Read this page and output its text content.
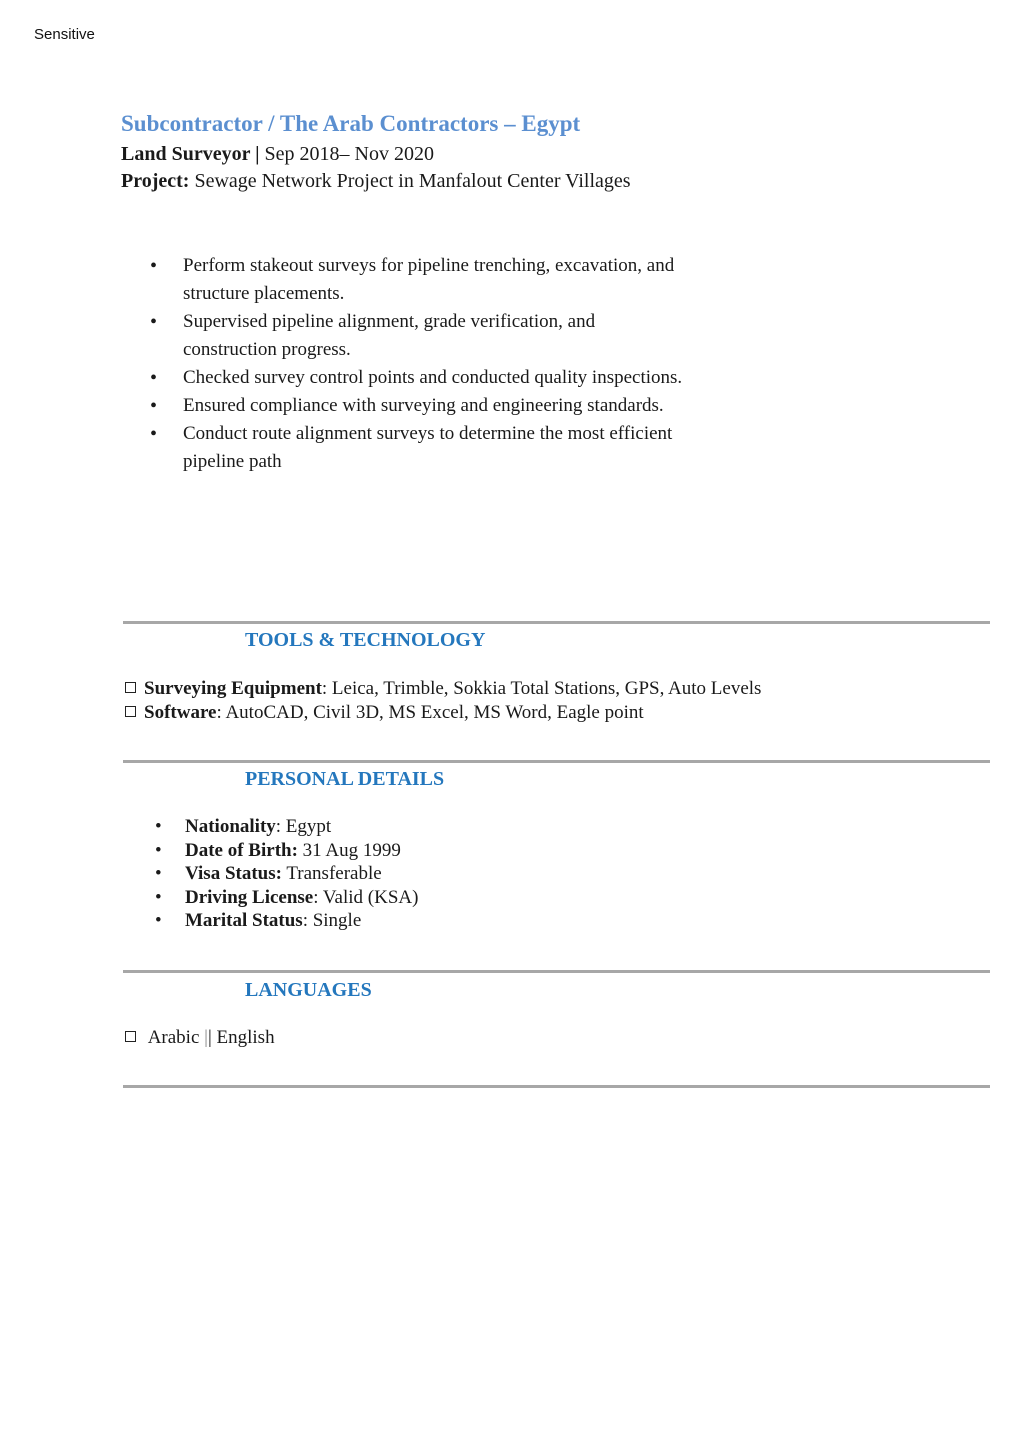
Sensitive
Subcontractor / The Arab Contractors – Egypt
Land Surveyor | Sep 2018– Nov 2020
Project: Sewage Network Project in Manfalout Center Villages
• Perform stakeout surveys for pipeline trenching, excavation, and structure placements.
• Supervised pipeline alignment, grade verification, and construction progress.
• Checked survey control points and conducted quality inspections.
• Ensured compliance with surveying and engineering standards.
• Conduct route alignment surveys to determine the most efficient pipeline path
TOOLS & TECHNOLOGY
Surveying Equipment: Leica, Trimble, Sokkia Total Stations, GPS, Auto Levels
Software: AutoCAD, Civil 3D, MS Excel, MS Word, Eagle point
PERSONAL DETAILS
• Nationality: Egypt
• Date of Birth: 31 Aug 1999
• Visa Status: Transferable
• Driving License: Valid (KSA)
• Marital Status: Single
LANGUAGES
Arabic || English
